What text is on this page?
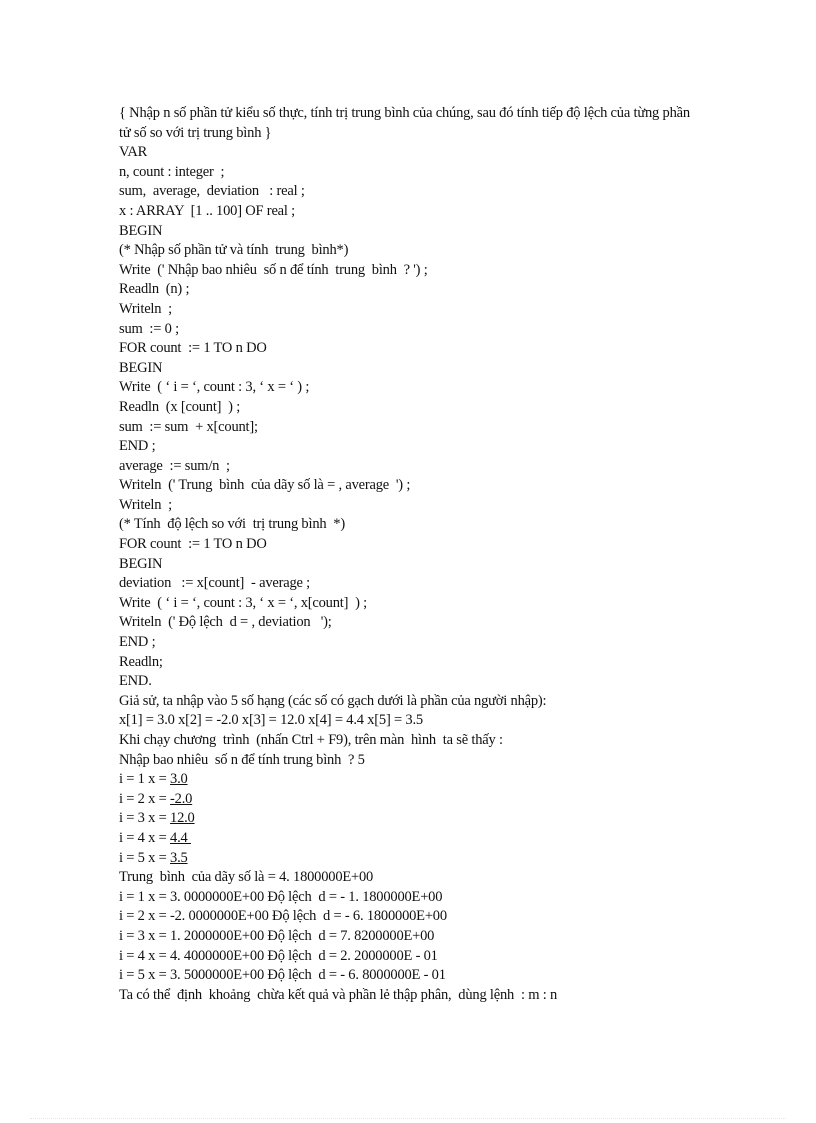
{ Nhập n số phần tử kiểu số thực, tính trị trung bình của chúng, sau đó tính tiếp độ lệch của từng phần tử số so với trị trung bình }
VAR
n, count : integer  ;
sum,  average,  deviation   : real ;
x : ARRAY  [1 .. 100] OF real ;
BEGIN
(* Nhập số phần tử và tính  trung  bình*)
Write  (' Nhập bao nhiêu  số n để tính  trung  bình  ? ') ;
Readln  (n) ;
Writeln  ;
sum  := 0 ;
FOR count  := 1 TO n DO
BEGIN
Write  ( ‘ i = ‘, count : 3, ‘ x = ‘ ) ;
Readln  (x [count]  ) ;
sum  := sum  + x[count];
END ;
average  := sum/n  ;
Writeln  (' Trung  bình  của dãy số là = , average  ') ;
Writeln  ;
(* Tính  độ lệch so với  trị trung bình  *)
FOR count  := 1 TO n DO
BEGIN
deviation   := x[count]  - average ;
Write  ( ‘ i = ‘, count : 3, ‘ x = ‘, x[count]  ) ;
Writeln  (' Độ lệch  d = , deviation   ');
END ;
Readln;
END.
Giả sử, ta nhập vào 5 số hạng (các số có gạch dưới là phần của người nhập):
x[1] = 3.0 x[2] = -2.0 x[3] = 12.0 x[4] = 4.4 x[5] = 3.5
Khi chạy chương  trình  (nhấn Ctrl + F9), trên màn  hình  ta sẽ thấy :
Nhập bao nhiêu  số n để tính trung bình  ? 5
i = 1 x = 3.0
i = 2 x = -2.0
i = 3 x = 12.0
i = 4 x = 4.4
i = 5 x = 3.5
Trung  bình  của dãy số là = 4. 1800000E+00
i = 1 x = 3. 0000000E+00 Độ lệch  d = - 1. 1800000E+00
i = 2 x = -2. 0000000E+00 Độ lệch  d = - 6. 1800000E+00
i = 3 x = 1. 2000000E+00 Độ lệch  d = 7. 8200000E+00
i = 4 x = 4. 4000000E+00 Độ lệch  d = 2. 2000000E - 01
i = 5 x = 3. 5000000E+00 Độ lệch  d = - 6. 8000000E - 01
Ta có thể  định  khoảng  chừa kết quả và phần lẻ thập phân,  dùng lệnh  : m : n
